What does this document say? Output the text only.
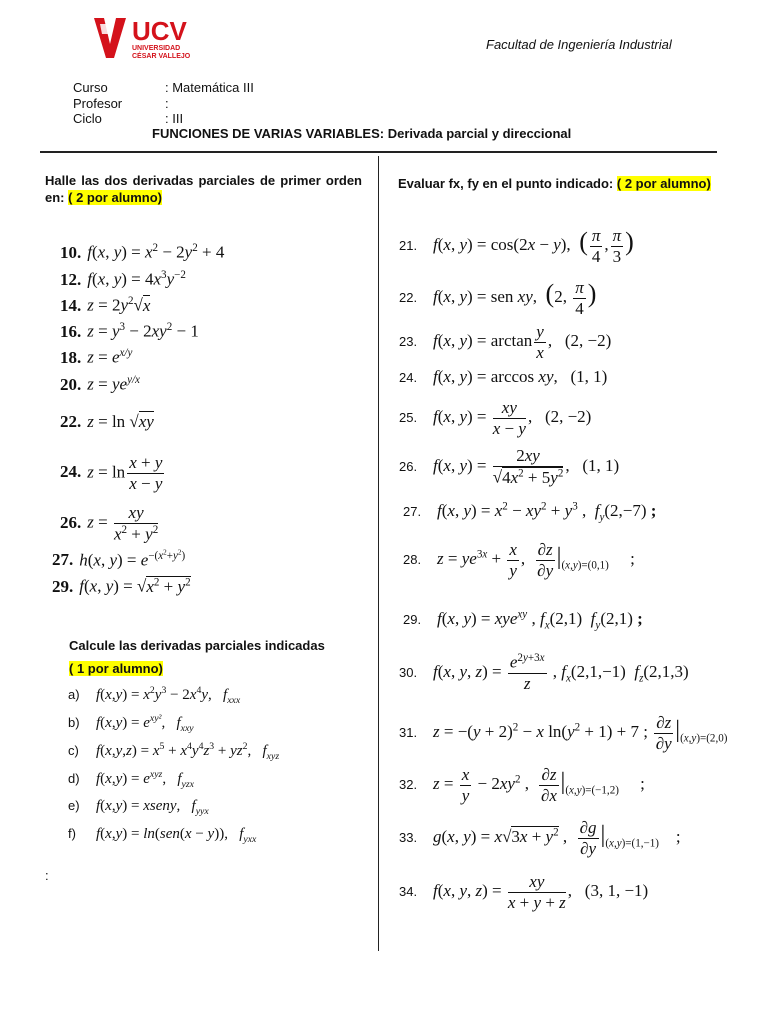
UCV
UNIVERSIDAD
CÉSAR VALLEJO
Facultad de Ingeniería Industrial
Curso	: Matemática III
Profesor	:
Ciclo	: III
FUNCIONES DE VARIAS VARIABLES: Derivada parcial y direccional
Halle las dos derivadas parciales de primer orden en: ( 2 por alumno)
10. f(x, $y) = x^2 - 2y^2 + 4$
12. f(x, $y) = 4x^3y^{-2}$
14. $z = 2y^2√x$
16. $z = y^3 - 2xy^2 - 1$
18. $z = e^{x/y}$
20. $z = ye^{y/x}$
22. z = ln √xy
24. $z = \ln \frac{x + y}{x - y}$
26. $z = \frac{xy}{x^2 + y^2}$
27. h(x, $y) = e^{-(x^2+y^2)}$
29. f(x, $y) = √x^2 + y^2$
Calcule las derivadas parciales indicadas
( 1 por alumno)
a) $f(x,y) = x^2y^3 - 2x^4y$,   $f_{xxx}$
b) $f(x,y) = e^{xy^2}$,   $f_{xxy}$
c) $f(x,y,z) = x^5 + x^4y^4z^3 + yz^2$,   $f_{xyz}$
d) $f(x,y) = e^{xyz}$,   $f_{yzx}$
e) f(x,y) = xseny,   $f_{yyx}$
f) f(x,y) = ln(sen(x − y)),   $f_{yxx}$
:
Evaluar fx, fy en el punto indicado: ( 2 por alumno)
21. f(x, y) = cos(2x − y),  ( $\frac{\pi}{4}$ , $\frac{\pi}{3}$ )
22. f(x, y) = sen xy,  (2, $\frac{\pi}{4}$ )
23. f(x, $y) = \arctan \frac{y}{x}$ ,   (2, −2)
24. f(x, y) = arccos xy,   (1, 1)
25. f(x, $y) = \frac{xy}{x - y}$ ,   (2, −2)
26. f(x, $y) = \frac{2xy}{√4x^2 + 5y^2}$ ,   (1, 1)
27. f(x, $y) = x^2 - xy^2 + y^3$ ,  $f_y(2,-7)$ ;
28. $z = ye^{3x} + \frac{x}{y}$ , $\frac{\partial z}{\partial y} |_{(x,y)=(0,1)}$     ;
29. f(x, y) = xye$^{xy}$ , $f_x(2,1)$  $f_y(2,1)$ ;
30. f(x, y, $z) = \frac{e^{2y+3x}}{z}$ , $f_x(2,1,-1)$  $f_z(2,1,3)$
31. $z = -(y + 2)^2 - x$ $\ln(y^2 + 1) + 7$ ; $\frac{\partial z}{\partial y} |_{(x,y)=(2,0)}$
32. $z = \frac{x}{y} - 2xy^2$ , $\frac{\partial z}{\partial x} |_{(x,y)=(-1,2)}$     ;
33. g(x, $y) = x√3x + y^2$ , $\frac{\partial g}{\partial y} |_{(x,y)=(1,-1)}$    ;
34. f(x, y, $z) = \frac{xy}{x + y + z}$ ,   (3, 1, −1)
